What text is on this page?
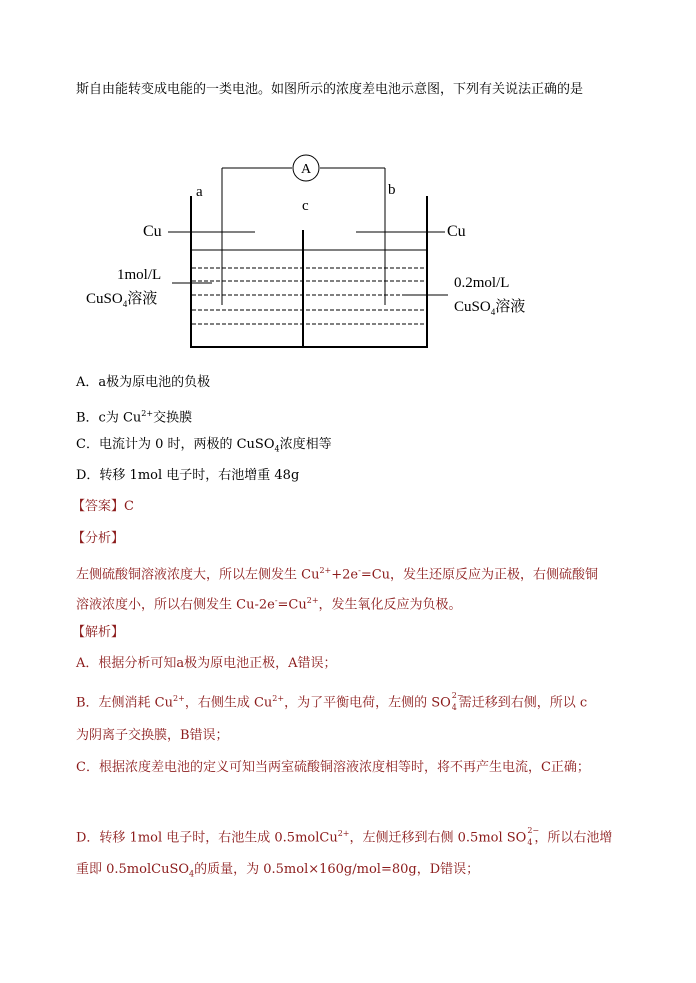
斯自由能转变成电能的一类电池。如图所示的浓度差电池示意图，下列有关说法正确的是
A
a	b
c
Cu	Cu
1mol/L
CuSO$_4$溶液
0.2mol/L
CuSO$_4$溶液
A．a极为原电池的负极
B．c为 $Cu^{2+}$交换膜
C．电流计为 0 时，两极的 CuSO$_4$浓度相等
D．转移 1mol 电子时，右池增重 48g
【答案】C
【分析】
左侧硫酸铜溶液浓度大，所以左侧发生 $Cu^{2+}+2e^-=Cu$，发生还原反应为正极，右侧硫酸铜
溶液浓度小，所以右侧发生 $Cu-2e^-=Cu^{2+}$，发生氧化反应为负极。
【解析】
A．根据分析可知a极为原电池正极，A错误；
B．左侧消耗 $Cu^{2+}$，右侧生成 $Cu^{2+}$，为了平衡电荷，左侧的 SO 2−
4 需迁移到右侧，所以 c
为阴离子交换膜，B错误；
C．根据浓度差电池的定义可知当两室硫酸铜溶液浓度相等时，将不再产生电流，C正确；
D．转移 1mol 电子时，右池生成 0.5molCu$^{2+}$，左侧迁移到右侧 0.5mol SO 2−
4 ，所以右池增
重即 0.5molCuSO$_4$的质量，为 0.5mol×160g/mol=80g，D错误；
